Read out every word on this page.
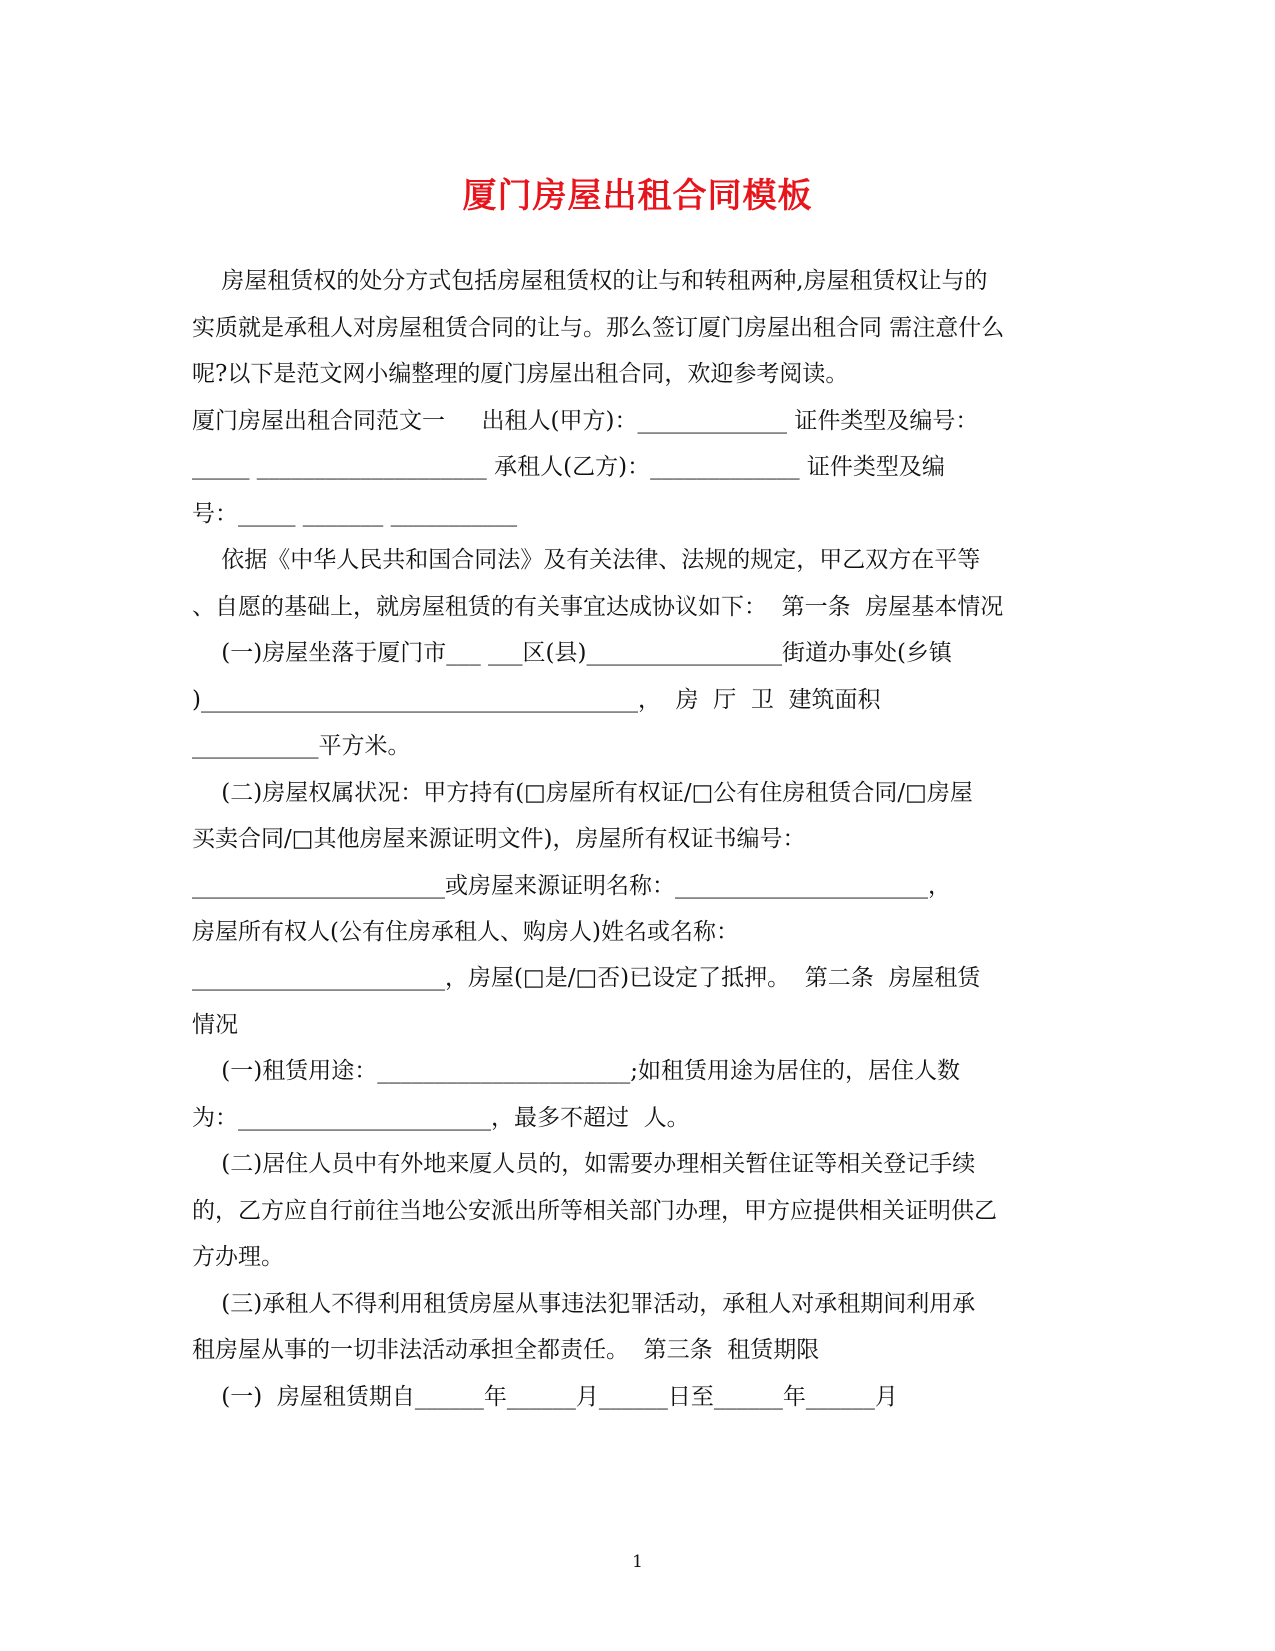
厦门房屋出租合同模板
房屋租赁权的处分方式包括房屋租赁权的让与和转租两种,房屋租赁权让与的
实质就是承租人对房屋租赁合同的让与。那么签订厦门房屋出租合同 需注意什么
呢?以下是范文网小编整理的厦门房屋出租合同，欢迎参考阅读。
厦门房屋出租合同范文一     出租人(甲方)：_____________ 证件类型及编号：
_____ ____________________ 承租人(乙方)：_____________ 证件类型及编
号：_____ _______ ___________
依据《中华人民共和国合同法》及有关法律、法规的规定，甲乙双方在平等
、自愿的基础上，就房屋租赁的有关事宜达成协议如下：  第一条  房屋基本情况
(一)房屋坐落于厦门市___ ___区(县)_________________街道办事处(乡镇
)______________________________________，  房  厅  卫  建筑面积
___________平方米。
(二)房屋权属状况：甲方持有(□房屋所有权证/□公有住房租赁合同/□房屋
买卖合同/□其他房屋来源证明文件)，房屋所有权证书编号：
______________________或房屋来源证明名称：______________________，
房屋所有权人(公有住房承租人、购房人)姓名或名称：
______________________，房屋(□是/□否)已设定了抵押。  第二条  房屋租赁
情况
(一)租赁用途：______________________;如租赁用途为居住的，居住人数
为：______________________，最多不超过  人。
(二)居住人员中有外地来厦人员的，如需要办理相关暂住证等相关登记手续
的，乙方应自行前往当地公安派出所等相关部门办理，甲方应提供相关证明供乙
方办理。
(三)承租人不得利用租赁房屋从事违法犯罪活动，承租人对承租期间利用承
租房屋从事的一切非法活动承担全都责任。  第三条  租赁期限
(一)  房屋租赁期自______年______月______日至______年______月
1
